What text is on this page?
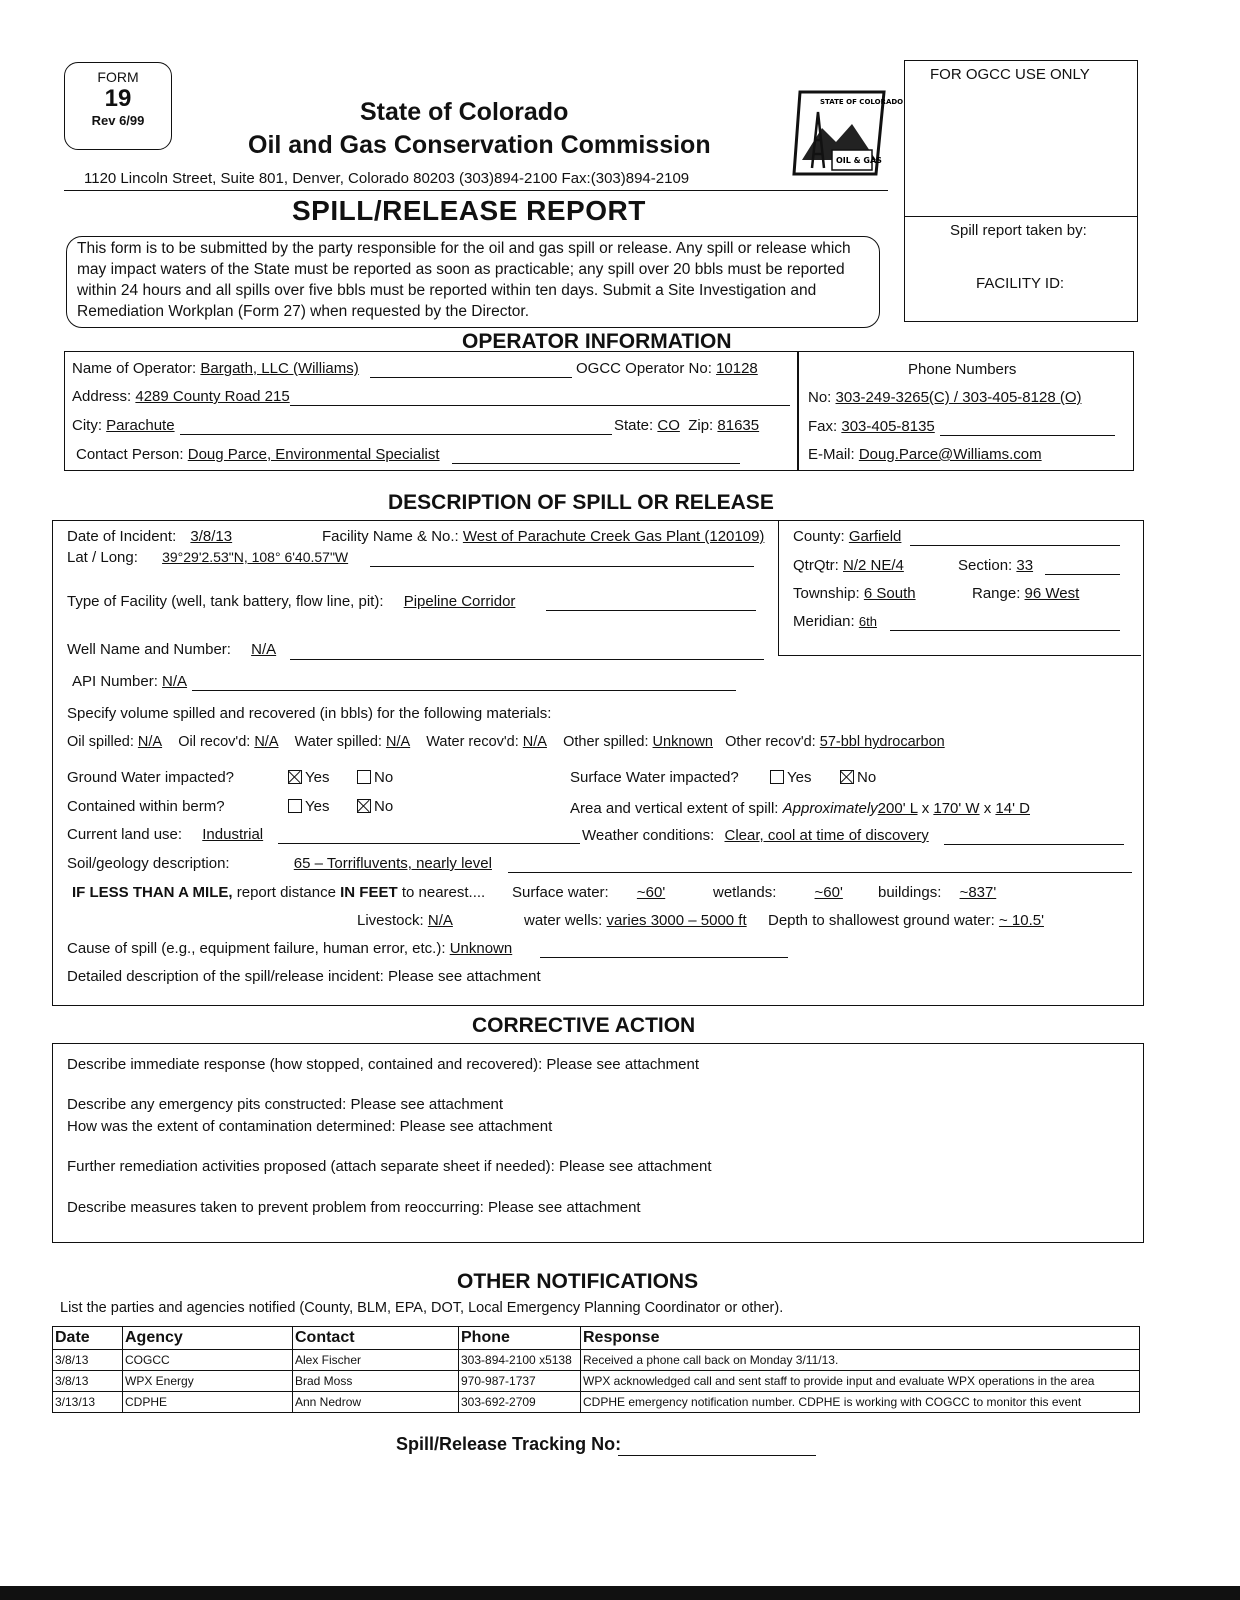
FORM
19
Rev 6/99	State of Colorado
Oil and Gas Conservation Commission
1120 Lincoln Street, Suite 801, Denver, Colorado 80203 (303)894-2100 Fax:(303)894-2109
SPILL/RELEASE REPORT
STATE OF COLORADO
OIL & GAS
FOR OGCC USE ONLY
Spill report taken by:
FACILITY ID:
This form is to be submitted by the party responsible for the oil and gas spill or release. Any spill or release which may impact waters of the State must be reported as soon as practicable; any spill over 20 bbls must be reported within 24 hours and all spills over five bbls must be reported within ten days. Submit a Site Investigation and Remediation Workplan (Form 27) when requested by the Director.
OPERATOR INFORMATION
Name of Operator: Bargath, LLC (Williams)	OGCC Operator No: 10128
Address: 4289 County Road 215
City: Parachute	State: CO Zip: 81635
Contact Person: Doug Parce, Environmental Specialist
Phone Numbers
No: 303-249-3265(C) / 303-405-8128 (O)
Fax: 303-405-8135
E-Mail: Doug.Parce@Williams.com
DESCRIPTION OF SPILL OR RELEASE
Date of Incident: 3/8/13	Facility Name & No.: West of Parachute Creek Gas Plant (120109)
Lat / Long: 39°29'2.53"N, 108° 6'40.57"W
Type of Facility (well, tank battery, flow line, pit): Pipeline Corridor
County: Garfield
QtrQtr: N/2 NE/4	Section: 33
Township: 6 South	Range: 96 West
Meridian: 6th
Well Name and Number: N/A
API Number: N/A
Specify volume spilled and recovered (in bbls) for the following materials:
Oil spilled: N/A Oil recov'd: N/A Water spilled: N/A Water recov'd: N/A Other spilled: Unknown Other recov'd: 57-bbl hydrocarbon
Ground Water impacted?	Yes	No	Surface Water impacted?	Yes	No
Contained within berm?	Yes	No	Area and vertical extent of spill: Approximately200' L x 170' W x 14' D
Current land use: Industrial	Weather conditions: Clear, cool at time of discovery
Soil/geology description:	65 – Torrifluvents, nearly level
IF LESS THAN A MILE, report distance IN FEET to nearest.... Surface water: ~60'	wetlands:	~60'	buildings: ~837'
Livestock: N/A	water wells: varies 3000 – 5000 ft Depth to shallowest ground water: ~ 10.5'
Cause of spill (e.g., equipment failure, human error, etc.): Unknown
Detailed description of the spill/release incident: Please see attachment
CORRECTIVE ACTION
Describe immediate response (how stopped, contained and recovered): Please see attachment
Describe any emergency pits constructed: Please see attachment
How was the extent of contamination determined: Please see attachment
Further remediation activities proposed (attach separate sheet if needed): Please see attachment
Describe measures taken to prevent problem from reoccurring: Please see attachment
OTHER NOTIFICATIONS
List the parties and agencies notified (County, BLM, EPA, DOT, Local Emergency Planning Coordinator or other).
Date	Agency	Contact	Phone	Response
3/8/13	COGCC	Alex Fischer	303-894-2100 x5138	Received a phone call back on Monday 3/11/13.
3/8/13	WPX Energy	Brad Moss	970-987-1737	WPX acknowledged call and sent staff to provide input and evaluate WPX operations in the area
3/13/13	CDPHE	Ann Nedrow	303-692-2709	CDPHE emergency notification number. CDPHE is working with COGCC to monitor this event
Spill/Release Tracking No:
